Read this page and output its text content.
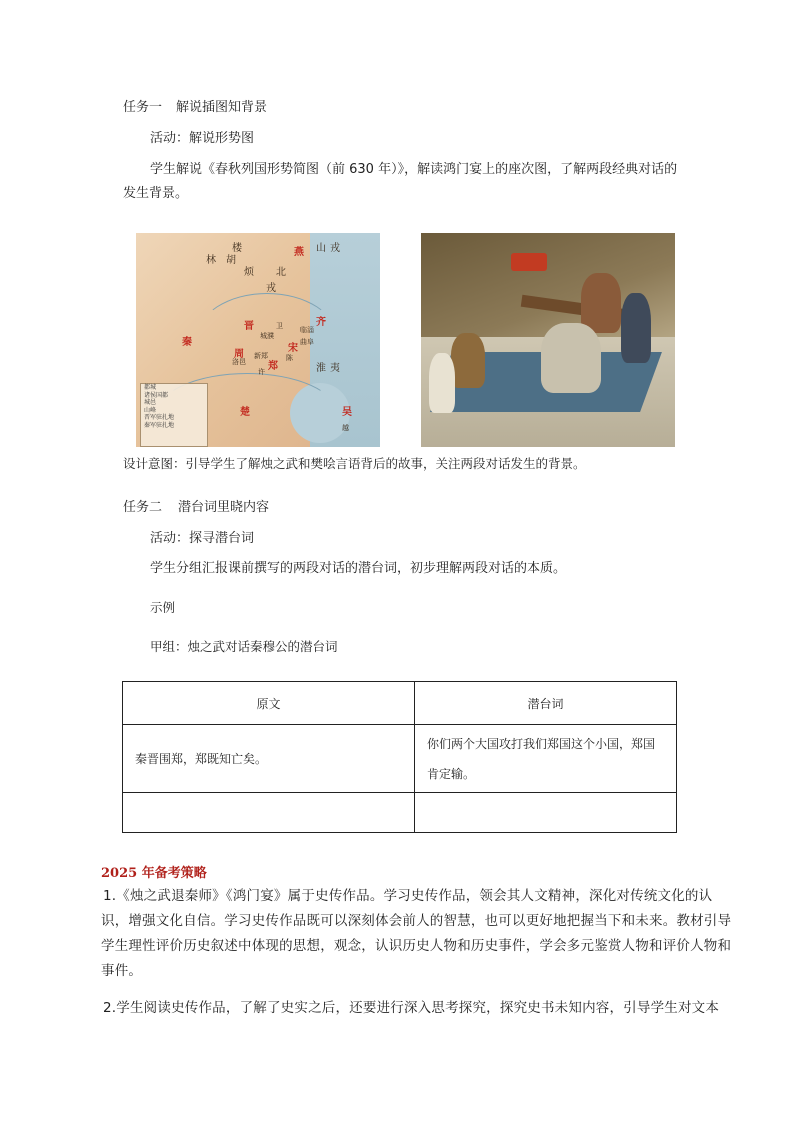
任务一 解说插图知背景
活动：解说形势图
学生解说《春秋列国形势简图（前 630 年）》，解读鸿门宴上的座次图，了解两段经典对话的发生背景。
楼
烦
林 胡
北
戎
山 戎
燕
齐
曲阜
临淄
晋
秦
周
郑
宋
卫
淮 夷
楚	吴
越
许
陈
城濮
洛邑
新郑
都城
诸侯国都
城邑
山峰
晋军驻扎地
秦军驻扎地
设计意图：引导学生了解烛之武和樊哙言语背后的故事，关注两段对话发生的背景。
任务二 潜台词里晓内容
活动：探寻潜台词
学生分组汇报课前撰写的两段对话的潜台词，初步理解两段对话的本质。
示例
甲组：烛之武对话秦穆公的潜台词
原文	潜台词
秦晋围郑，郑既知亡矣。	你们两个大国攻打我们郑国这个小国，郑国肯定输。

2025 年备考策略
1.《烛之武退秦师》《鸿门宴》属于史传作品。学习史传作品，领会其人文精神，深化对传统文化的认识，增强文化自信。学习史传作品既可以深刻体会前人的智慧，也可以更好地把握当下和未来。教材引导学生理性评价历史叙述中体现的思想，观念，认识历史人物和历史事件，学会多元鉴赏人物和评价人物和事件。
2.学生阅读史传作品，了解了史实之后，还要进行深入思考探究，探究史书未知内容，引导学生对文本
